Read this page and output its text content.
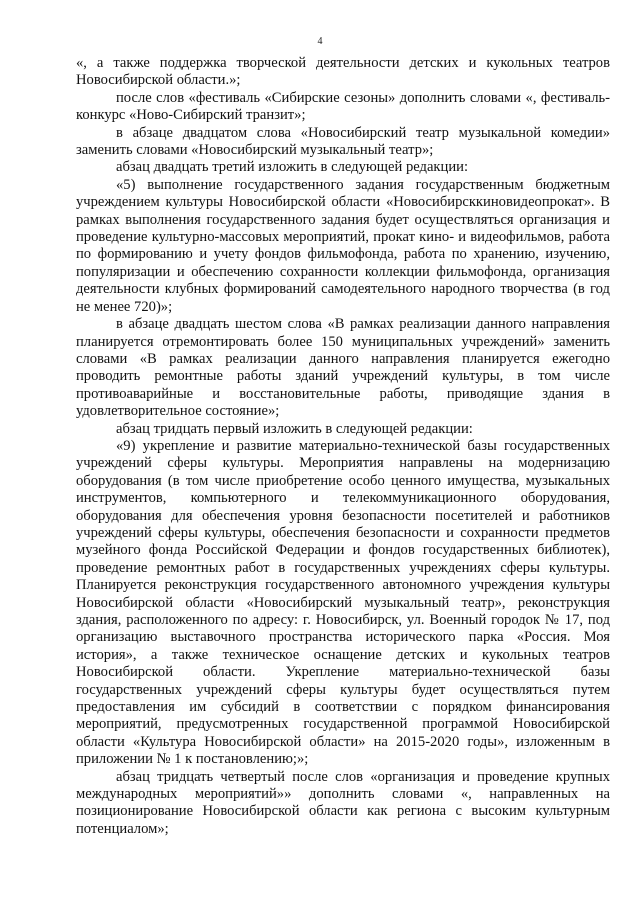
4

«, а также поддержка творческой деятельности детских и кукольных театров Новосибирской области.»;

после слов «фестиваль «Сибирские сезоны» дополнить словами «, фестиваль-конкурс «Ново-Сибирский транзит»;

в абзаце двадцатом слова «Новосибирский театр музыкальной комедии» заменить словами «Новосибирский музыкальный театр»;

абзац двадцать третий изложить в следующей редакции:

«5) выполнение государственного задания государственным бюджетным учреждением культуры Новосибирской области «Новосибирсккиновидеопрокат». В рамках выполнения государственного задания будет осуществляться организация и проведение культурно-массовых мероприятий, прокат кино- и видеофильмов, работа по формированию и учету фондов фильмофонда, работа по хранению, изучению, популяризации и обеспечению сохранности коллекции фильмофонда, организация деятельности клубных формирований самодеятельного народного творчества (в год не менее 720)»;

в абзаце двадцать шестом слова «В рамках реализации данного направления планируется отремонтировать более 150 муниципальных учреждений» заменить словами «В рамках реализации данного направления планируется ежегодно проводить ремонтные работы зданий учреждений культуры, в том числе противоаварийные и восстановительные работы, приводящие здания в удовлетворительное состояние»;

абзац тридцать первый изложить в следующей редакции:

«9) укрепление и развитие материально-технической базы государственных учреждений сферы культуры. Мероприятия направлены на модернизацию оборудования (в том числе приобретение особо ценного имущества, музыкальных инструментов, компьютерного и телекоммуникационного оборудования, оборудования для обеспечения уровня безопасности посетителей и работников учреждений сферы культуры, обеспечения безопасности и сохранности предметов музейного фонда Российской Федерации и фондов государственных библиотек), проведение ремонтных работ в государственных учреждениях сферы культуры. Планируется реконструкция государственного автономного учреждения культуры Новосибирской области «Новосибирский музыкальный театр», реконструкция здания, расположенного по адресу: г. Новосибирск, ул. Военный городок № 17, под организацию выставочного пространства исторического парка «Россия. Моя история», а также техническое оснащение детских и кукольных театров Новосибирской области. Укрепление материально-технической базы государственных учреждений сферы культуры будет осуществляться путем предоставления им субсидий в соответствии с порядком финансирования мероприятий, предусмотренных государственной программой Новосибирской области «Культура Новосибирской области» на 2015-2020 годы», изложенным в приложении № 1 к постановлению;»;

абзац тридцать четвертый после слов «организация и проведение крупных международных мероприятий»» дополнить словами «, направленных на позиционирование Новосибирской области как региона с высоким культурным потенциалом»;
